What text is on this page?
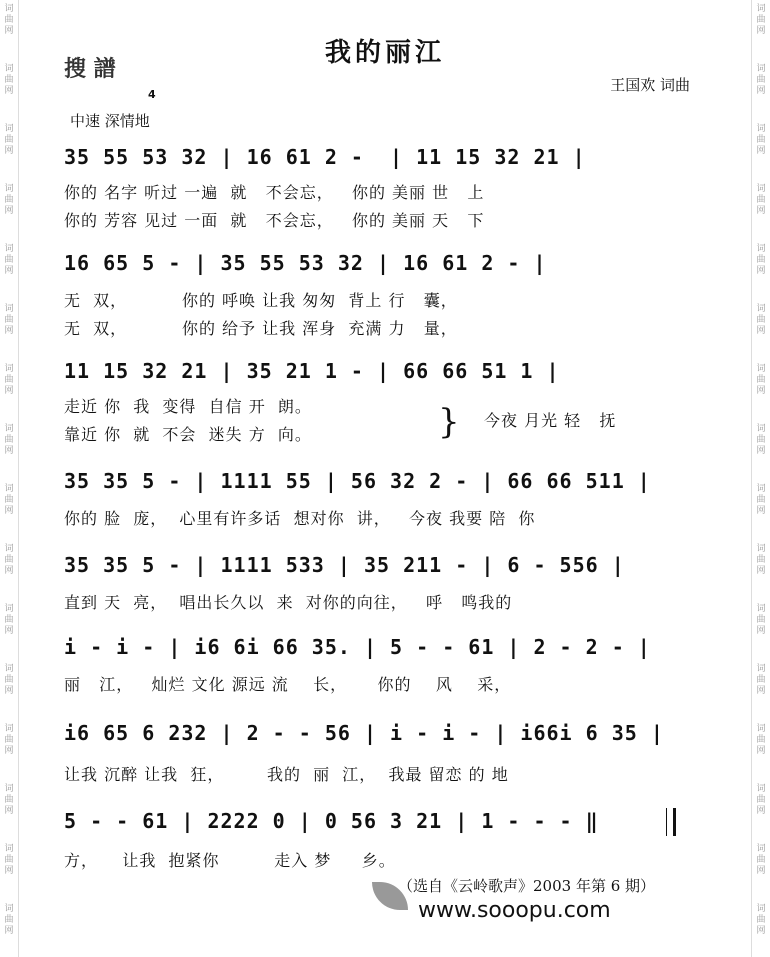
词
曲
网
词
曲
网
词
曲
网
词
曲
网
词
曲
网
词
曲
网
词
曲
网
词
曲
网
词
曲
网
词
曲
网
词
曲
网
词
曲
网
词
曲
网
词
曲
网
词
曲
网
词
曲
网
词
曲
网
词
曲
网
词
曲
网
词
曲
网
词
曲
网
词
曲
网
词
曲
网
词
曲
网
词
曲
网
词
曲
网
词
曲
网
词
曲
网
词
曲
网
词
曲
网
词
曲
网
词
曲
网
我的丽江
搜 譜
4
王国欢 词曲
中速 深情地
35 55 53 32 | 16 61 2 -  | 11 15 32 21 |
你的 名字 听过 一遍  就   不会忘，   你的 美丽 世   上
你的 芳容 见过 一面  就   不会忘，   你的 美丽 天   下
16 65 5 - | 35 55 53 32 | 16 61 2 - |
无  双，         你的 呼唤 让我 匆匆  背上 行   囊，
无  双，         你的 给予 让我 浑身  充满 力   量，
11 15 32 21 | 35 21 1 - | 66 66 51 1 |
走近 你  我  变得  自信 开  朗。
靠近 你  就  不会  迷失 方  向。
今夜 月光 轻   抚
}
35 35 5 - | 1111 55 | 56 32 2 - | 66 66 511 |
你的 脸  庞，  心里有许多话  想对你  讲，   今夜 我要 陪  你
35 35 5 - | 1111 533 | 35 211 - | 6 - 556 |
直到 天  亮，  唱出长久以  来  对你的向往，   呼   鸣我的
i - i - | i6 6i 66 35. | 5 - - 61 | 2 - 2 - |
丽   江，   灿烂 文化 源远 流    长，     你的    风    采，
i6 65 6 232 | 2 - - 56 | i - i - | i66i 6 35 |
让我 沉醉 让我  狂，       我的  丽  江，  我最 留恋 的 地
5 - - 61 | 2222 0 | 0 56 3 21 | 1 - - - ‖
方，    让我  抱紧你         走入 梦     乡。
（选自《云岭歌声》2003 年第 6 期）
www.sooopu.com
